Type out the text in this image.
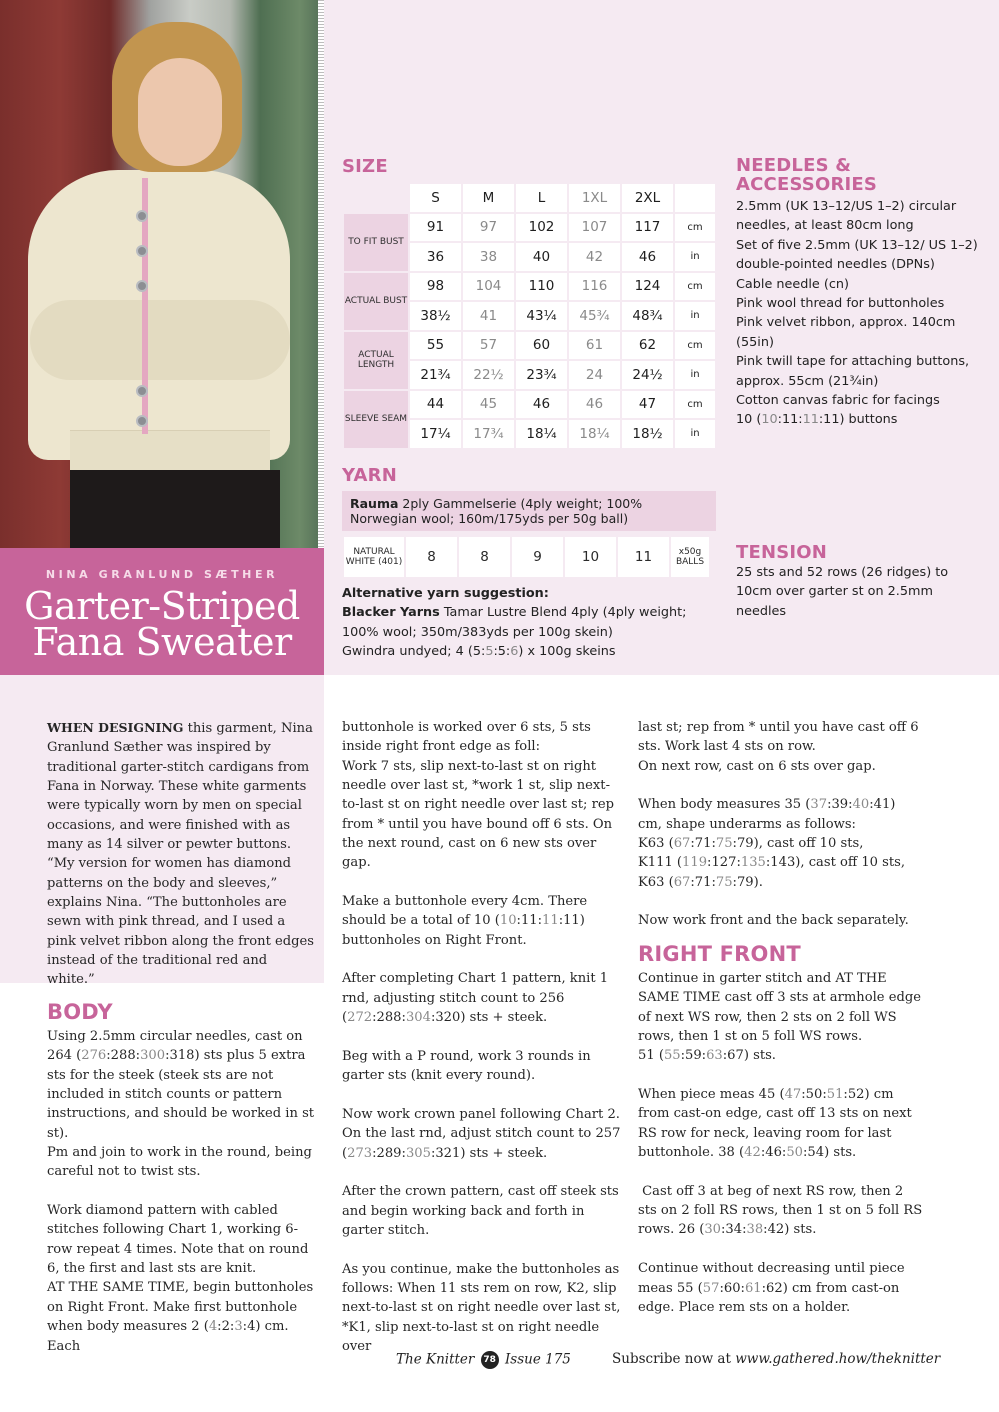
NINA GRANLUND SÆTHER
Garter-Striped
Fana Sweater
SIZE
	S	M	L	1XL	2XL	
TO FIT BUST	91	97	102	107	117	cm
	36	38	40	42	46	in
ACTUAL BUST	98	104	110	116	124	cm
	38½	41	43¼	45¾	48¾	in
ACTUAL LENGTH	55	57	60	61	62	cm
	21¾	22½	23¾	24	24½	in
SLEEVE SEAM	44	45	46	46	47	cm
	17¼	17¾	18¼	18¼	18½	in
YARN
Rauma 2ply Gammelserie (4ply weight; 100% Norwegian wool; 160m/175yds per 50g ball)
NATURAL WHITE (401)	8	8	9	10	11	x50g BALLS
Alternative yarn suggestion:
Blacker Yarns Tamar Lustre Blend 4ply (4ply weight; 100% wool; 350m/383yds per 100g skein)
Gwindra undyed; 4 (5:5:5:6) x 100g skeins
NEEDLES &
ACCESSORIES
2.5mm (UK 13–12/US 1–2) circular needles, at least 80cm long
Set of five 2.5mm (UK 13–12/ US 1–2) double-pointed needles (DPNs)
Cable needle (cn)
Pink wool thread for buttonholes
Pink velvet ribbon, approx. 140cm (55in)
Pink twill tape for attaching buttons, approx. 55cm (21¾in)
Cotton canvas fabric for facings
10 (10:11:11:11) buttons
TENSION
25 sts and 52 rows (26 ridges) to 10cm over garter st on 2.5mm needles
WHEN DESIGNING this garment, Nina Granlund Sæther was inspired by traditional garter-stitch cardigans from Fana in Norway. These white garments were typically worn by men on special occasions, and were finished with as many as 14 silver or pewter buttons. “My version for women has diamond patterns on the body and sleeves,” explains Nina. “The buttonholes are sewn with pink thread, and I used a pink velvet ribbon along the front edges instead of the traditional red and white.”
BODY

Using 2.5mm circular needles, cast on 264 (276:288:300:318) sts plus 5 extra sts for the steek (steek sts are not included in stitch counts or pattern instructions, and should be worked in st st).
Pm and join to work in the round, being careful not to twist sts.

Work diamond pattern with cabled stitches following Chart 1, working 6-row repeat 4 times. Note that on round 6, the first and last sts are knit.
AT THE SAME TIME, begin buttonholes on Right Front. Make first buttonhole when body measures 2 (4:2:3:4) cm. Each

buttonhole is worked over 6 sts, 5 sts inside right front edge as foll:
Work 7 sts, slip next-to-last st on right needle over last st, *work 1 st, slip next-to-last st on right needle over last st; rep from * until you have bound off 6 sts. On the next round, cast on 6 new sts over gap.

Make a buttonhole every 4cm. There should be a total of 10 (10:11:11:11) buttonholes on Right Front.

After completing Chart 1 pattern, knit 1 rnd, adjusting stitch count to 256 (272:288:304:320) sts + steek.

Beg with a P round, work 3 rounds in garter sts (knit every round).

Now work crown panel following Chart 2. On the last rnd, adjust stitch count to 257 (273:289:305:321) sts + steek.

After the crown pattern, cast off steek sts and begin working back and forth in garter stitch.

As you continue, make the buttonholes as follows: When 11 sts rem on row, K2, slip next-to-last st on right needle over last st, *K1, slip next-to-last st on right needle over

last st; rep from * until you have cast off 6 sts. Work last 4 sts on row.
On next row, cast on 6 sts over gap.

When body measures 35 (37:39:40:41) cm, shape underarms as follows:
K63 (67:71:75:79), cast off 10 sts,
K111 (119:127:135:143), cast off 10 sts,
K63 (67:71:75:79).

Now work front and the back separately.

RIGHT FRONT

Continue in garter stitch and AT THE SAME TIME cast off 3 sts at armhole edge of next WS row, then 2 sts on 2 foll WS rows, then 1 st on 5 foll WS rows.
51 (55:59:63:67) sts.

When piece meas 45 (47:50:51:52) cm from cast-on edge, cast off 13 sts on next RS row for neck, leaving room for last buttonhole. 38 (42:46:50:54) sts.

Cast off 3 at beg of next RS row, then 2 sts on 2 foll RS rows, then 1 st on 5 foll RS rows. 26 (30:34:38:42) sts.

Continue without decreasing until piece meas 55 (57:60:61:62) cm from cast-on edge. Place rem sts on a holder.

The Knitter 78 Issue 175	Subscribe now at www.gathered.how/theknitter
